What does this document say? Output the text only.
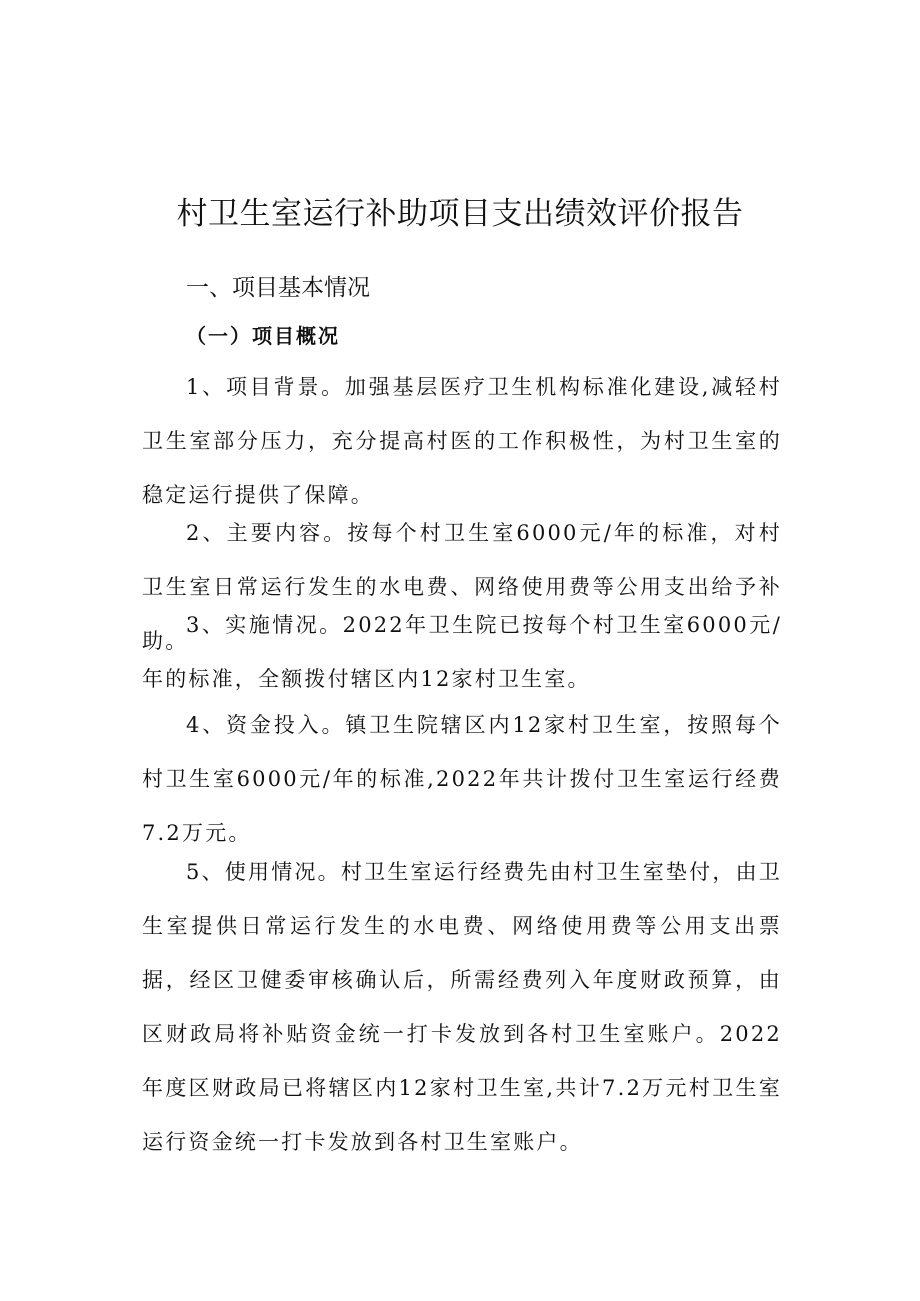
村卫生室运行补助项目支出绩效评价报告
一、项目基本情况
（一）项目概况

1、项目背景。加强基层医疗卫生机构标准化建设,减轻村卫生室部分压力，充分提高村医的工作积极性，为村卫生室的稳定运行提供了保障。

2、主要内容。按每个村卫生室6000元/年的标准，对村卫生室日常运行发生的水电费、网络使用费等公用支出给予补助。

3、实施情况。2022年卫生院已按每个村卫生室6000元/年的标准，全额拨付辖区内12家村卫生室。

4、资金投入。镇卫生院辖区内12家村卫生室，按照每个村卫生室6000元/年的标准,2022年共计拨付卫生室运行经费7.2万元。

5、使用情况。村卫生室运行经费先由村卫生室垫付，由卫生室提供日常运行发生的水电费、网络使用费等公用支出票据，经区卫健委审核确认后，所需经费列入年度财政预算，由区财政局将补贴资金统一打卡发放到各村卫生室账户。2022年度区财政局已将辖区内12家村卫生室,共计7.2万元村卫生室运行资金统一打卡发放到各村卫生室账户。
